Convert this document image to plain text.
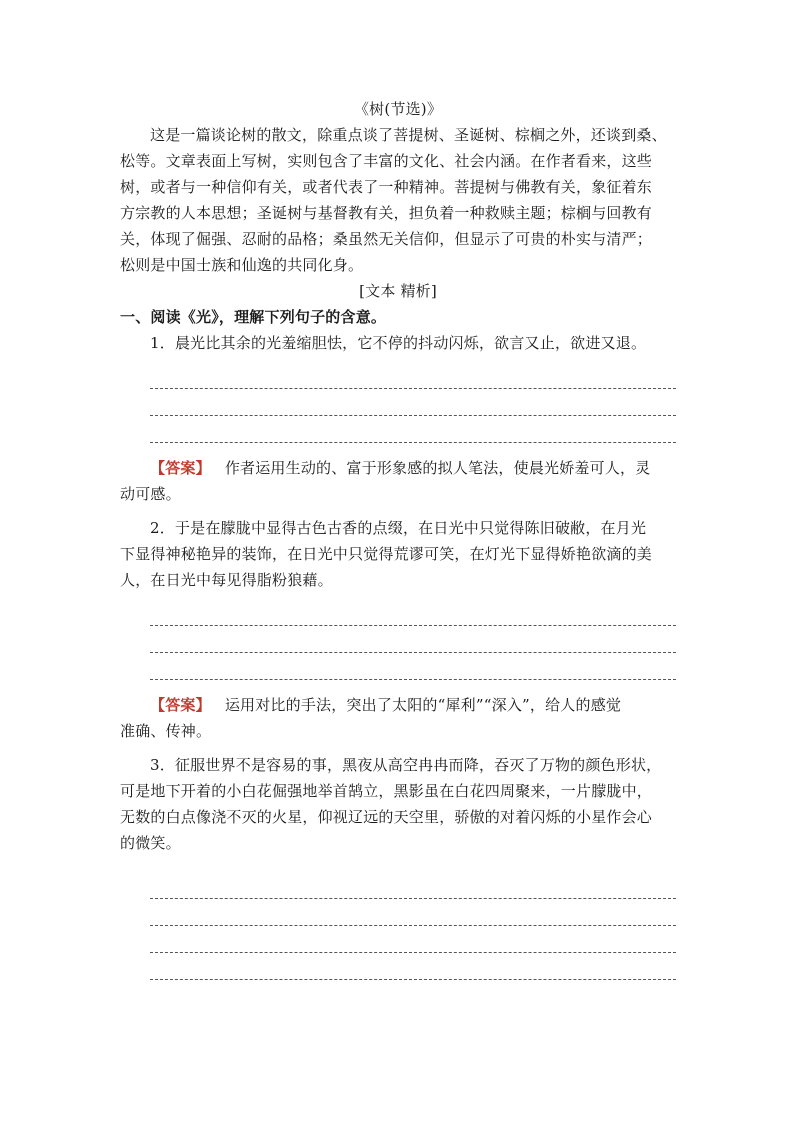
《树(节选)》
这是一篇谈论树的散文，除重点谈了菩提树、圣诞树、棕榈之外，还谈到桑、
松等。文章表面上写树，实则包含了丰富的文化、社会内涵。在作者看来，这些
树，或者与一种信仰有关，或者代表了一种精神。菩提树与佛教有关，象征着东
方宗教的人本思想；圣诞树与基督教有关，担负着一种救赎主题；棕榈与回教有
关，体现了倔强、忍耐的品格；桑虽然无关信仰，但显示了可贵的朴实与清严；
松则是中国士族和仙逸的共同化身。
[文本 精析]
一、阅读《光》，理解下列句子的含意。
1．晨光比其余的光羞缩胆怯，它不停的抖动闪烁，欲言又止，欲进又退。
【答案】 作者运用生动的、富于形象感的拟人笔法，使晨光娇羞可人，灵
动可感。
2．于是在朦胧中显得古色古香的点缀，在日光中只觉得陈旧破敝，在月光
下显得神秘艳异的装饰，在日光中只觉得荒谬可笑，在灯光下显得娇艳欲滴的美
人，在日光中每见得脂粉狼藉。
【答案】 运用对比的手法，突出了太阳的“犀利”“深入”，给人的感觉
准确、传神。
3．征服世界不是容易的事，黑夜从高空冉冉而降，吞灭了万物的颜色形状，
可是地下开着的小白花倔强地举首鹄立，黑影虽在白花四周聚来，一片朦胧中，
无数的白点像浇不灭的火星，仰视辽远的天空里，骄傲的对着闪烁的小星作会心
的微笑。
